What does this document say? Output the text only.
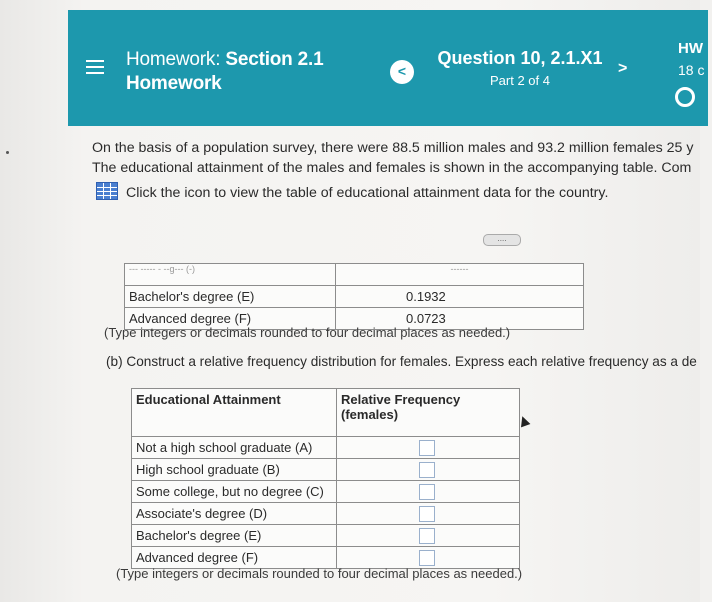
Homework: Section 2.1
Homework
<
Question 10, 2.1.X1
Part 2 of 4
>
HW
18 c
On the basis of a population survey, there were 88.5 million males and 93.2 million females 25 y
The educational attainment of the males and females is shown in the accompanying table. Com
Click the icon to view the table of educational attainment data for the country.
....
--- ----- - --g--- (-)	------
Bachelor's degree (E)	0.1932
Advanced degree (F)	0.0723
(Type integers or decimals rounded to four decimal places as needed.)
(b) Construct a relative frequency distribution for females. Express each relative frequency as a de
Educational Attainment	Relative Frequency
(females)

Not a high school graduate (A)	
High school graduate (B)	
Some college, but no degree (C)	
Associate's degree (D)	
Bachelor's degree (E)	
Advanced degree (F)	
(Type integers or decimals rounded to four decimal places as needed.)
